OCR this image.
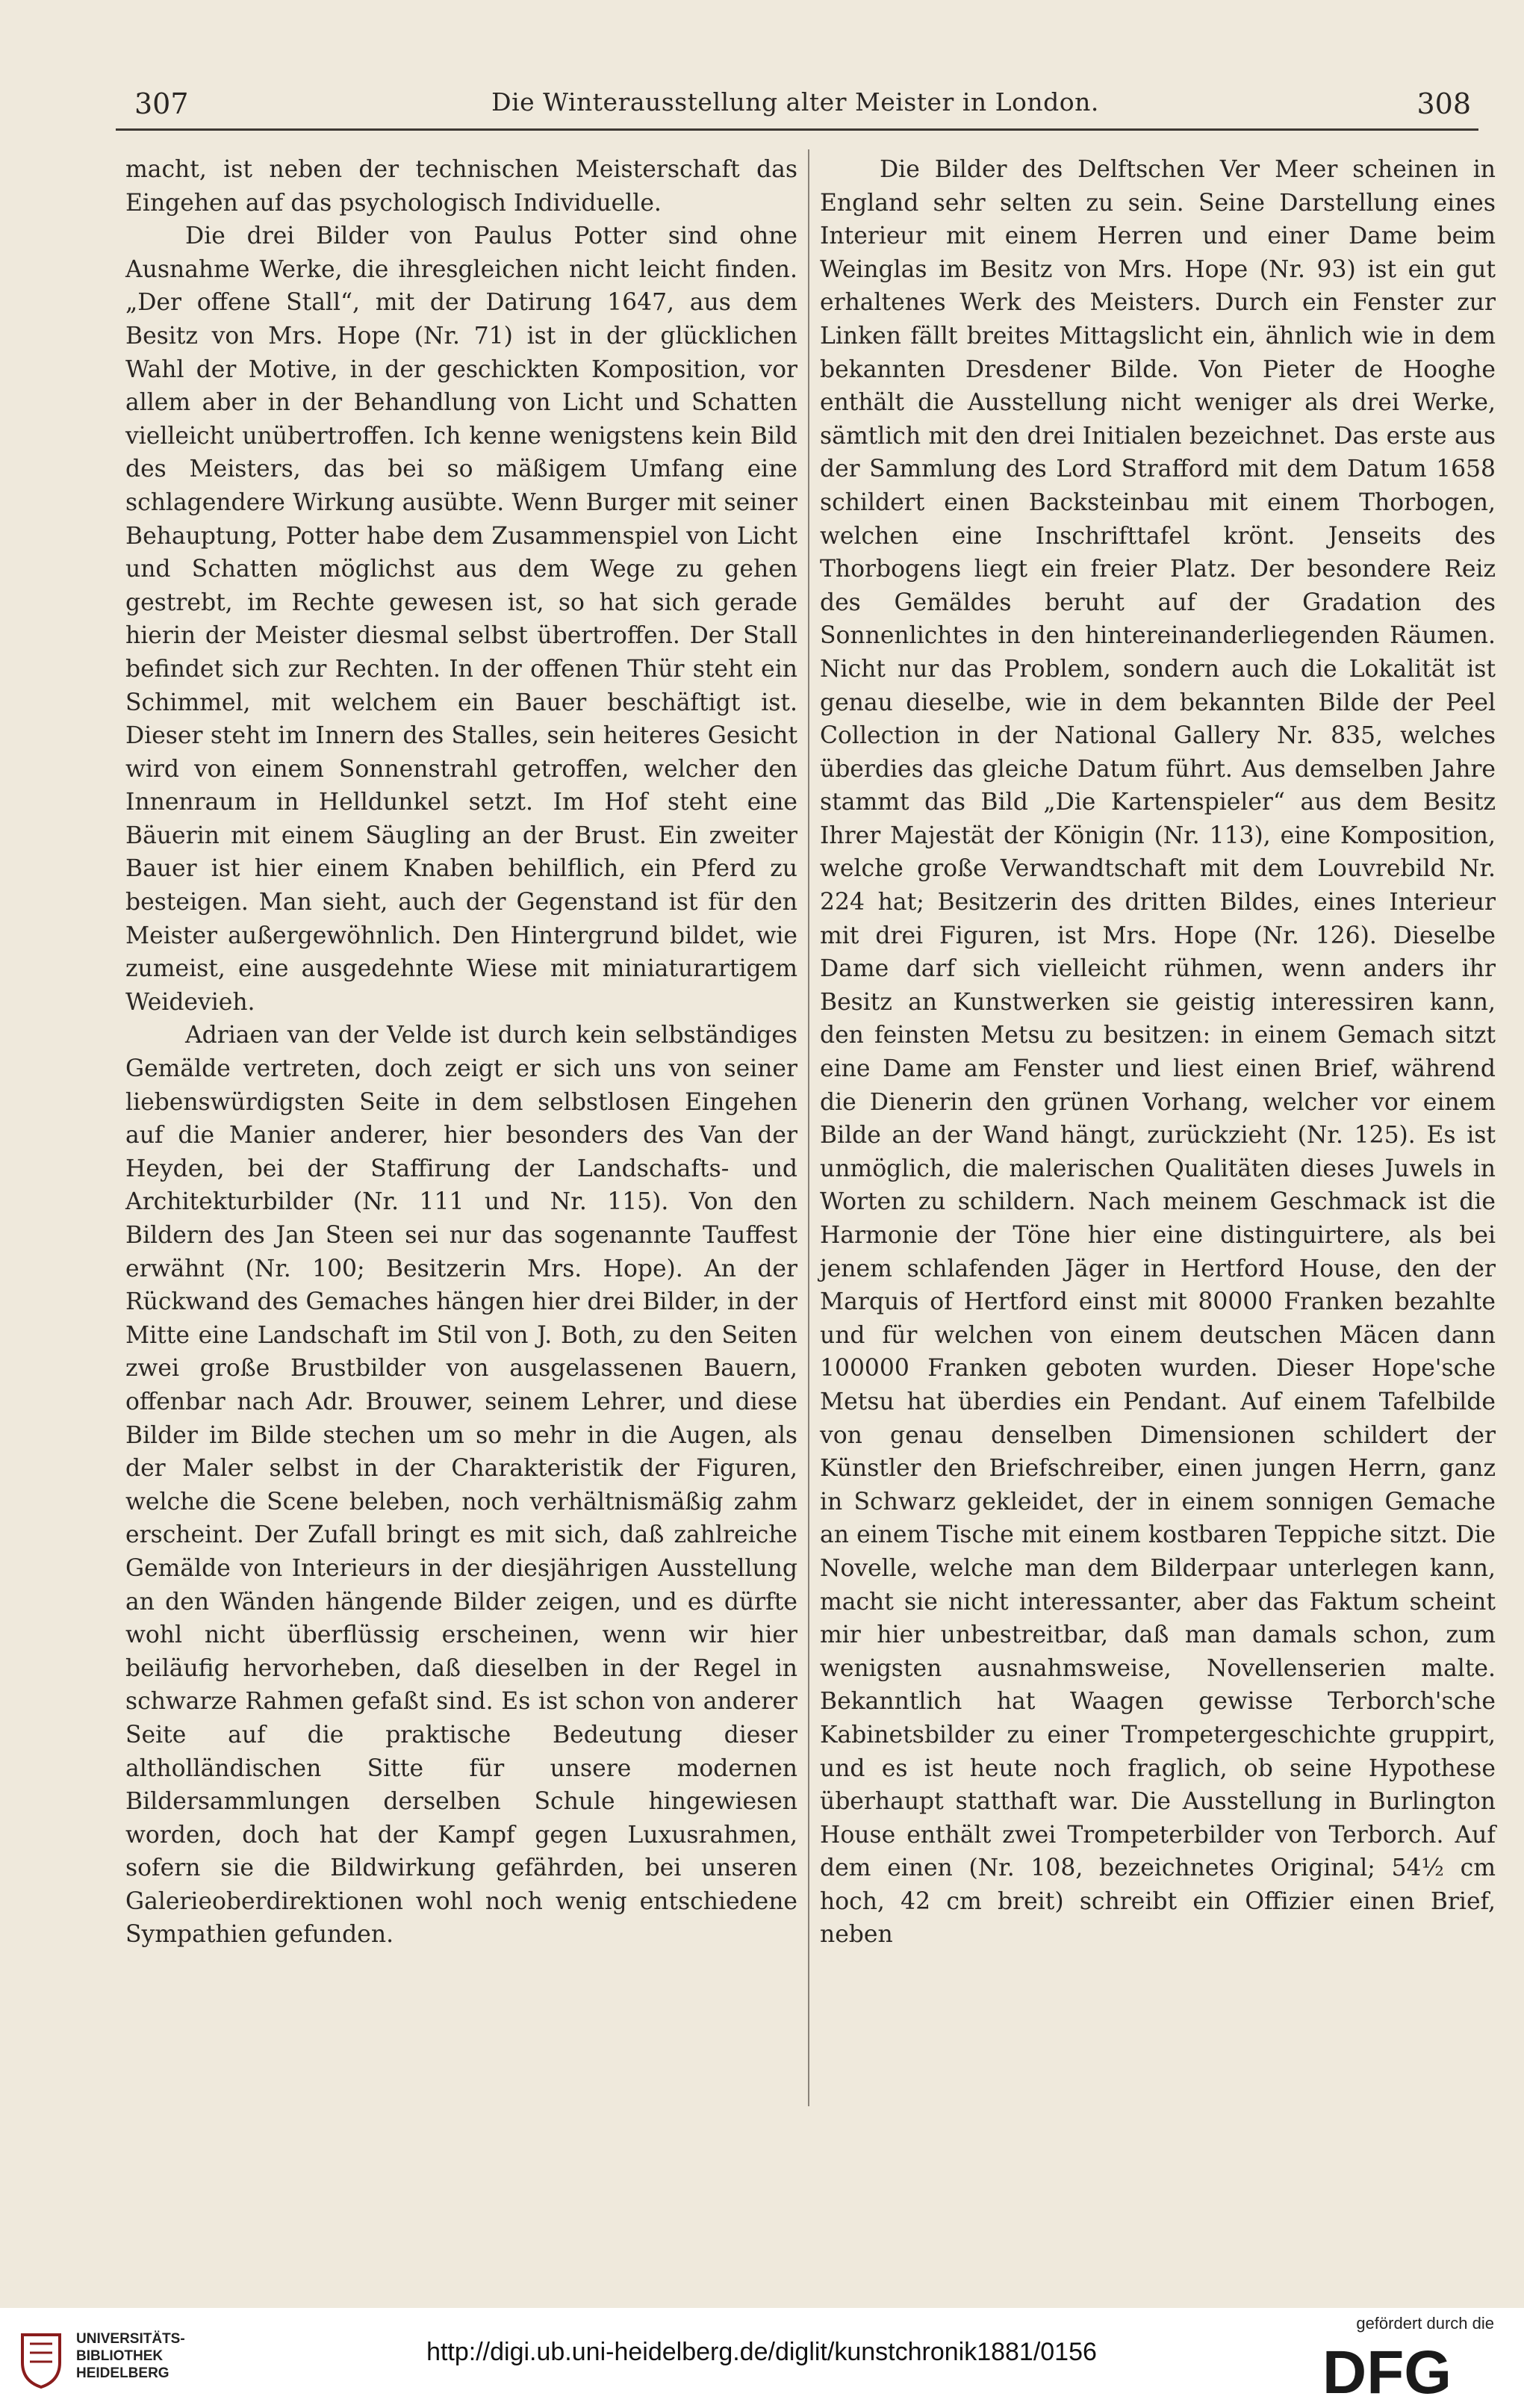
307	Die Winterausstellung alter Meister in London.	308

macht, ist neben der technischen Meisterschaft das Eingehen auf das psychologisch Individuelle.

Die drei Bilder von Paulus Potter sind ohne Ausnahme Werke, die ihresgleichen nicht leicht finden. „Der offene Stall“, mit der Datirung 1647, aus dem Besitz von Mrs. Hope (Nr. 71) ist in der glücklichen Wahl der Motive, in der geschickten Komposition, vor allem aber in der Behandlung von Licht und Schatten vielleicht unübertroffen. Ich kenne wenigstens kein Bild des Meisters, das bei so mäßigem Umfang eine schlagendere Wirkung ausübte. Wenn Burger mit seiner Behauptung, Potter habe dem Zusammenspiel von Licht und Schatten möglichst aus dem Wege zu gehen gestrebt, im Rechte gewesen ist, so hat sich gerade hierin der Meister diesmal selbst übertroffen. Der Stall befindet sich zur Rechten. In der offenen Thür steht ein Schimmel, mit welchem ein Bauer beschäftigt ist. Dieser steht im Innern des Stalles, sein heiteres Gesicht wird von einem Sonnenstrahl getroffen, welcher den Innenraum in Helldunkel setzt. Im Hof steht eine Bäuerin mit einem Säugling an der Brust. Ein zweiter Bauer ist hier einem Knaben behilflich, ein Pferd zu besteigen. Man sieht, auch der Gegenstand ist für den Meister außergewöhnlich. Den Hintergrund bildet, wie zumeist, eine ausgedehnte Wiese mit miniaturartigem Weidevieh.

Adriaen van der Velde ist durch kein selbständiges Gemälde vertreten, doch zeigt er sich uns von seiner liebenswürdigsten Seite in dem selbstlosen Eingehen auf die Manier anderer, hier besonders des Van der Heyden, bei der Staffirung der Landschafts- und Architekturbilder (Nr. 111 und Nr. 115). Von den Bildern des Jan Steen sei nur das sogenannte Tauffest erwähnt (Nr. 100; Besitzerin Mrs. Hope). An der Rückwand des Gemaches hängen hier drei Bilder, in der Mitte eine Landschaft im Stil von J. Both, zu den Seiten zwei große Brustbilder von ausgelassenen Bauern, offenbar nach Adr. Brouwer, seinem Lehrer, und diese Bilder im Bilde stechen um so mehr in die Augen, als der Maler selbst in der Charakteristik der Figuren, welche die Scene beleben, noch verhältnismäßig zahm erscheint. Der Zufall bringt es mit sich, daß zahlreiche Gemälde von Interieurs in der diesjährigen Ausstellung an den Wänden hängende Bilder zeigen, und es dürfte wohl nicht überflüssig erscheinen, wenn wir hier beiläufig hervorheben, daß dieselben in der Regel in schwarze Rahmen gefaßt sind. Es ist schon von anderer Seite auf die praktische Bedeutung dieser altholländischen Sitte für unsere modernen Bildersammlungen derselben Schule hingewiesen worden, doch hat der Kampf gegen Luxusrahmen, sofern sie die Bildwirkung gefährden, bei unseren Galerieoberdirektionen wohl noch wenig entschiedene Sympathien gefunden.

Die Bilder des Delftschen Ver Meer scheinen in England sehr selten zu sein. Seine Darstellung eines Interieur mit einem Herren und einer Dame beim Weinglas im Besitz von Mrs. Hope (Nr. 93) ist ein gut erhaltenes Werk des Meisters. Durch ein Fenster zur Linken fällt breites Mittagslicht ein, ähnlich wie in dem bekannten Dresdener Bilde. Von Pieter de Hooghe enthält die Ausstellung nicht weniger als drei Werke, sämtlich mit den drei Initialen bezeichnet. Das erste aus der Sammlung des Lord Strafford mit dem Datum 1658 schildert einen Backsteinbau mit einem Thorbogen, welchen eine Inschrifttafel krönt. Jenseits des Thorbogens liegt ein freier Platz. Der besondere Reiz des Gemäldes beruht auf der Gradation des Sonnenlichtes in den hintereinanderliegenden Räumen. Nicht nur das Problem, sondern auch die Lokalität ist genau dieselbe, wie in dem bekannten Bilde der Peel Collection in der National Gallery Nr. 835, welches überdies das gleiche Datum führt. Aus demselben Jahre stammt das Bild „Die Kartenspieler“ aus dem Besitz Ihrer Majestät der Königin (Nr. 113), eine Komposition, welche große Verwandtschaft mit dem Louvrebild Nr. 224 hat; Besitzerin des dritten Bildes, eines Interieur mit drei Figuren, ist Mrs. Hope (Nr. 126). Dieselbe Dame darf sich vielleicht rühmen, wenn anders ihr Besitz an Kunstwerken sie geistig interessiren kann, den feinsten Metsu zu besitzen: in einem Gemach sitzt eine Dame am Fenster und liest einen Brief, während die Dienerin den grünen Vorhang, welcher vor einem Bilde an der Wand hängt, zurückzieht (Nr. 125). Es ist unmöglich, die malerischen Qualitäten dieses Juwels in Worten zu schildern. Nach meinem Geschmack ist die Harmonie der Töne hier eine distinguirtere, als bei jenem schlafenden Jäger in Hertford House, den der Marquis of Hertford einst mit 80000 Franken bezahlte und für welchen von einem deutschen Mäcen dann 100000 Franken geboten wurden. Dieser Hope'sche Metsu hat überdies ein Pendant. Auf einem Tafelbilde von genau denselben Dimensionen schildert der Künstler den Briefschreiber, einen jungen Herrn, ganz in Schwarz gekleidet, der in einem sonnigen Gemache an einem Tische mit einem kostbaren Teppiche sitzt. Die Novelle, welche man dem Bilderpaar unterlegen kann, macht sie nicht interessanter, aber das Faktum scheint mir hier unbestreitbar, daß man damals schon, zum wenigsten ausnahmsweise, Novellenserien malte. Bekanntlich hat Waagen gewisse Terborch'sche Kabinetsbilder zu einer Trompetergeschichte gruppirt, und es ist heute noch fraglich, ob seine Hypothese überhaupt statthaft war. Die Ausstellung in Burlington House enthält zwei Trompeterbilder von Terborch. Auf dem einen (Nr. 108, bezeichnetes Original; 54½ cm hoch, 42 cm breit) schreibt ein Offizier einen Brief, neben

UNIVERSITÄTS-
BIBLIOTHEK
HEIDELBERG
http://digi.ub.uni-heidelberg.de/diglit/kunstchronik1881/0156
gefördert durch die
DFG
